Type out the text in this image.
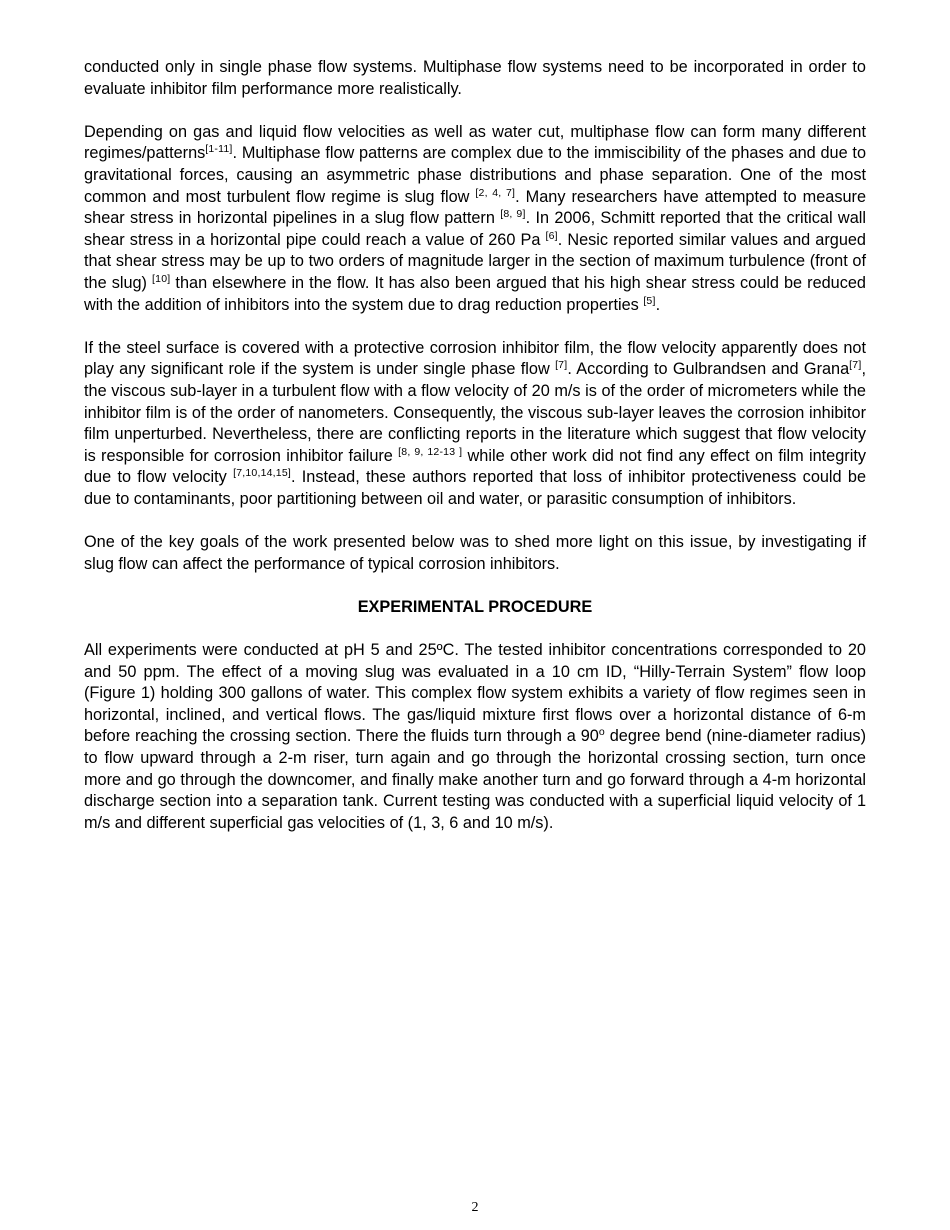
conducted only in single phase flow systems. Multiphase flow systems need to be incorporated in order to evaluate inhibitor film performance more realistically.

Depending on gas and liquid flow velocities as well as water cut, multiphase flow can form many different regimes/patterns[1-11]. Multiphase flow patterns are complex due to the immiscibility of the phases and due to gravitational forces, causing an asymmetric phase distributions and phase separation. One of the most common and most turbulent flow regime is slug flow [2, 4, 7]. Many researchers have attempted to measure shear stress in horizontal pipelines in a slug flow pattern [8, 9]. In 2006, Schmitt reported that the critical wall shear stress in a horizontal pipe could reach a value of 260 Pa [6]. Nesic reported similar values and argued that shear stress may be up to two orders of magnitude larger in the section of maximum turbulence (front of the slug) [10] than elsewhere in the flow. It has also been argued that his high shear stress could be reduced with the addition of inhibitors into the system due to drag reduction properties [5].

If the steel surface is covered with a protective corrosion inhibitor film, the flow velocity apparently does not play any significant role if the system is under single phase flow [7]. According to Gulbrandsen and Grana[7], the viscous sub-layer in a turbulent flow with a flow velocity of 20 m/s is of the order of micrometers while the inhibitor film is of the order of nanometers. Consequently, the viscous sub-layer leaves the corrosion inhibitor film unperturbed. Nevertheless, there are conflicting reports in the literature which suggest that flow velocity is responsible for corrosion inhibitor failure [8, 9, 12-13 ] while other work did not find any effect on film integrity due to flow velocity [7,10,14,15]. Instead, these authors reported that loss of inhibitor protectiveness could be due to contaminants, poor partitioning between oil and water, or parasitic consumption of inhibitors.

One of the key goals of the work presented below was to shed more light on this issue, by investigating if slug flow can affect the performance of typical corrosion inhibitors.

EXPERIMENTAL PROCEDURE

All experiments were conducted at pH 5 and 25ºC. The tested inhibitor concentrations corresponded to 20 and 50 ppm. The effect of a moving slug was evaluated in a 10 cm ID, “Hilly-Terrain System” flow loop (Figure 1) holding 300 gallons of water. This complex flow system exhibits a variety of flow regimes seen in horizontal, inclined, and vertical flows. The gas/liquid mixture first flows over a horizontal distance of 6-m before reaching the crossing section. There the fluids turn through a 90$^o$ degree bend (nine-diameter radius) to flow upward through a 2-m riser, turn again and go through the horizontal crossing section, turn once more and go through the downcomer, and finally make another turn and go forward through a 4-m horizontal discharge section into a separation tank. Current testing was conducted with a superficial liquid velocity of 1 m/s and different superficial gas velocities of (1, 3, 6 and 10 m/s).

2
